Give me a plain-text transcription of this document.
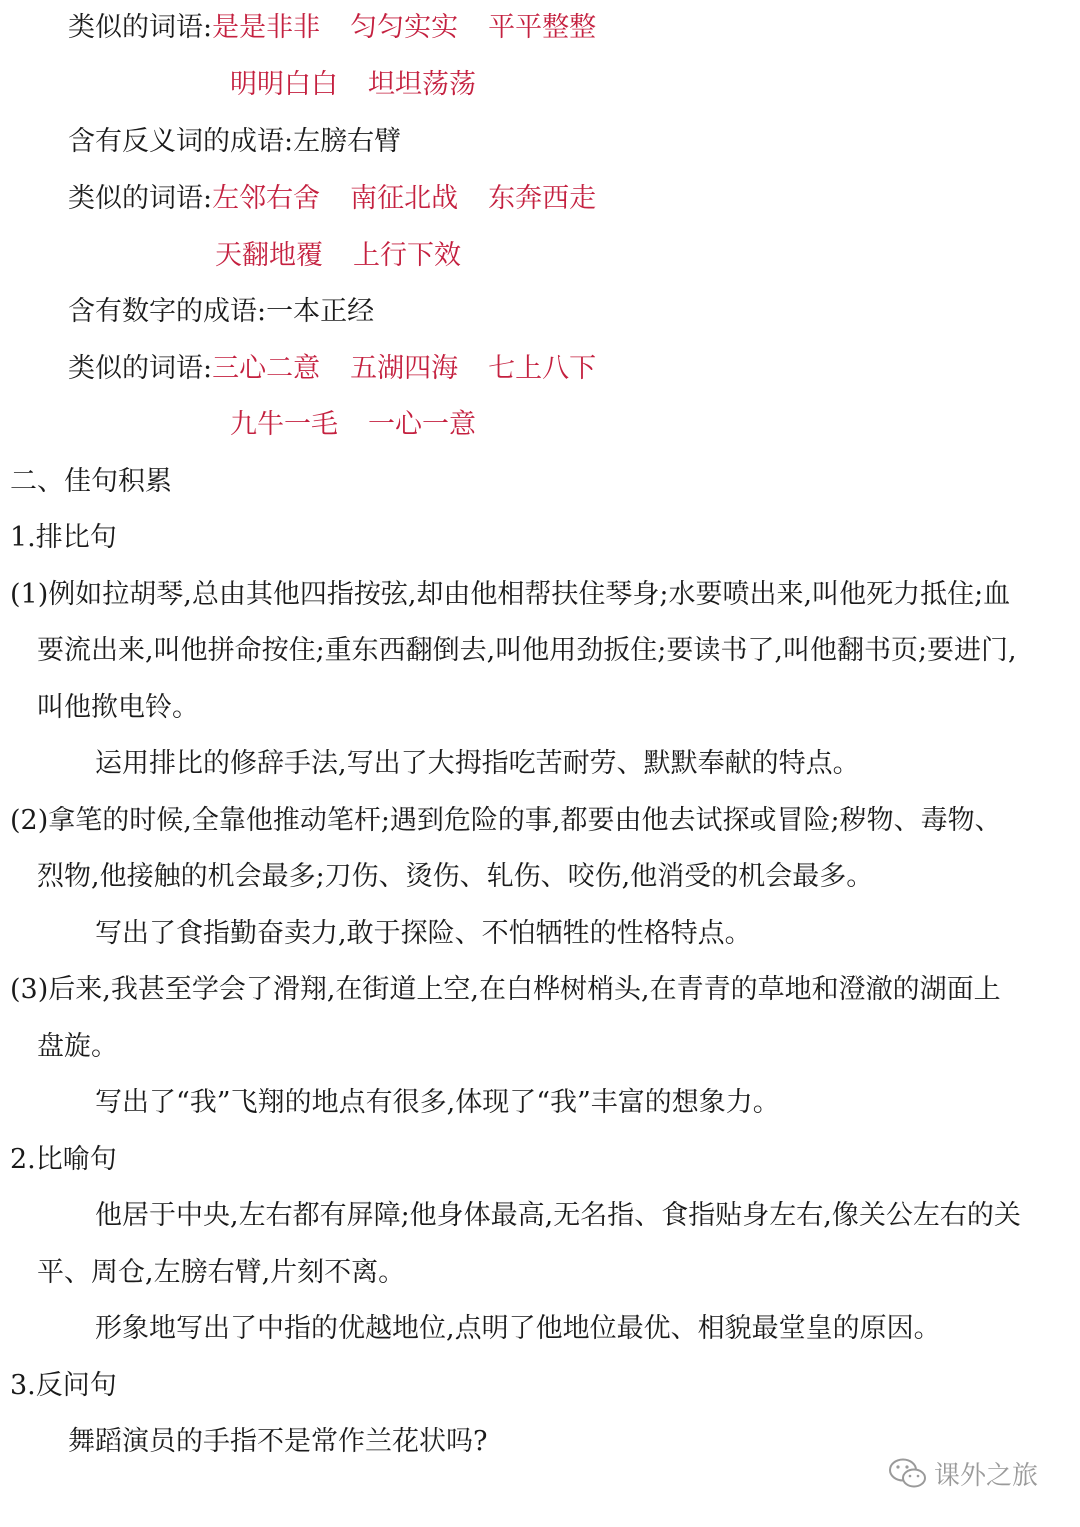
类似的词语:是是非非 匀匀实实 平平整整
明明白白 坦坦荡荡
含有反义词的成语:左膀右臂
类似的词语:左邻右舍 南征北战 东奔西走
天翻地覆 上行下效
含有数字的成语:一本正经
类似的词语:三心二意 五湖四海 七上八下
九牛一毛 一心一意
二、佳句积累
1.排比句
(1)例如拉胡琴,总由其他四指按弦,却由他相帮扶住琴身;水要喷出来,叫他死力抵住;血
要流出来,叫他拼命按住;重东西翻倒去,叫他用劲扳住;要读书了,叫他翻书页;要进门,
叫他揿电铃。
运用排比的修辞手法,写出了大拇指吃苦耐劳、默默奉献的特点。
(2)拿笔的时候,全靠他推动笔杆;遇到危险的事,都要由他去试探或冒险;秽物、毒物、
烈物,他接触的机会最多;刀伤、烫伤、轧伤、咬伤,他消受的机会最多。
写出了食指勤奋卖力,敢于探险、不怕牺牲的性格特点。
(3)后来,我甚至学会了滑翔,在街道上空,在白桦树梢头,在青青的草地和澄澈的湖面上
盘旋。
写出了“我”飞翔的地点有很多,体现了“我”丰富的想象力。
2.比喻句
他居于中央,左右都有屏障;他身体最高,无名指、食指贴身左右,像关公左右的关
平、周仓,左膀右臂,片刻不离。
形象地写出了中指的优越地位,点明了他地位最优、相貌最堂皇的原因。
3.反问句
舞蹈演员的手指不是常作兰花状吗?
课外之旅
